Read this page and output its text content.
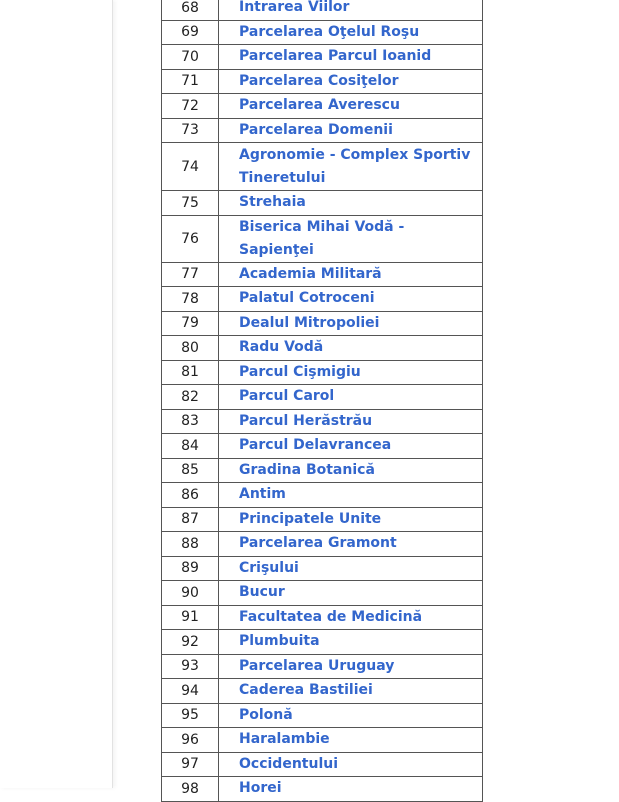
68	Intrarea Viilor
69	Parcelarea Oţelul Roşu
70	Parcelarea Parcul Ioanid
71	Parcelarea Cosiţelor
72	Parcelarea Averescu
73	Parcelarea Domenii
74	Agronomie - Complex Sportiv Tineretului
75	Strehaia
76	Biserica Mihai Vodă - Sapienţei
77	Academia Militară
78	Palatul Cotroceni
79	Dealul Mitropoliei
80	Radu Vodă
81	Parcul Cişmigiu
82	Parcul Carol
83	Parcul Herăstrău
84	Parcul Delavrancea
85	Gradina Botanică
86	Antim
87	Principatele Unite
88	Parcelarea Gramont
89	Crişului
90	Bucur
91	Facultatea de Medicină
92	Plumbuita
93	Parcelarea Uruguay
94	Caderea Bastiliei
95	Polonă
96	Haralambie
97	Occidentului
98	Horei
